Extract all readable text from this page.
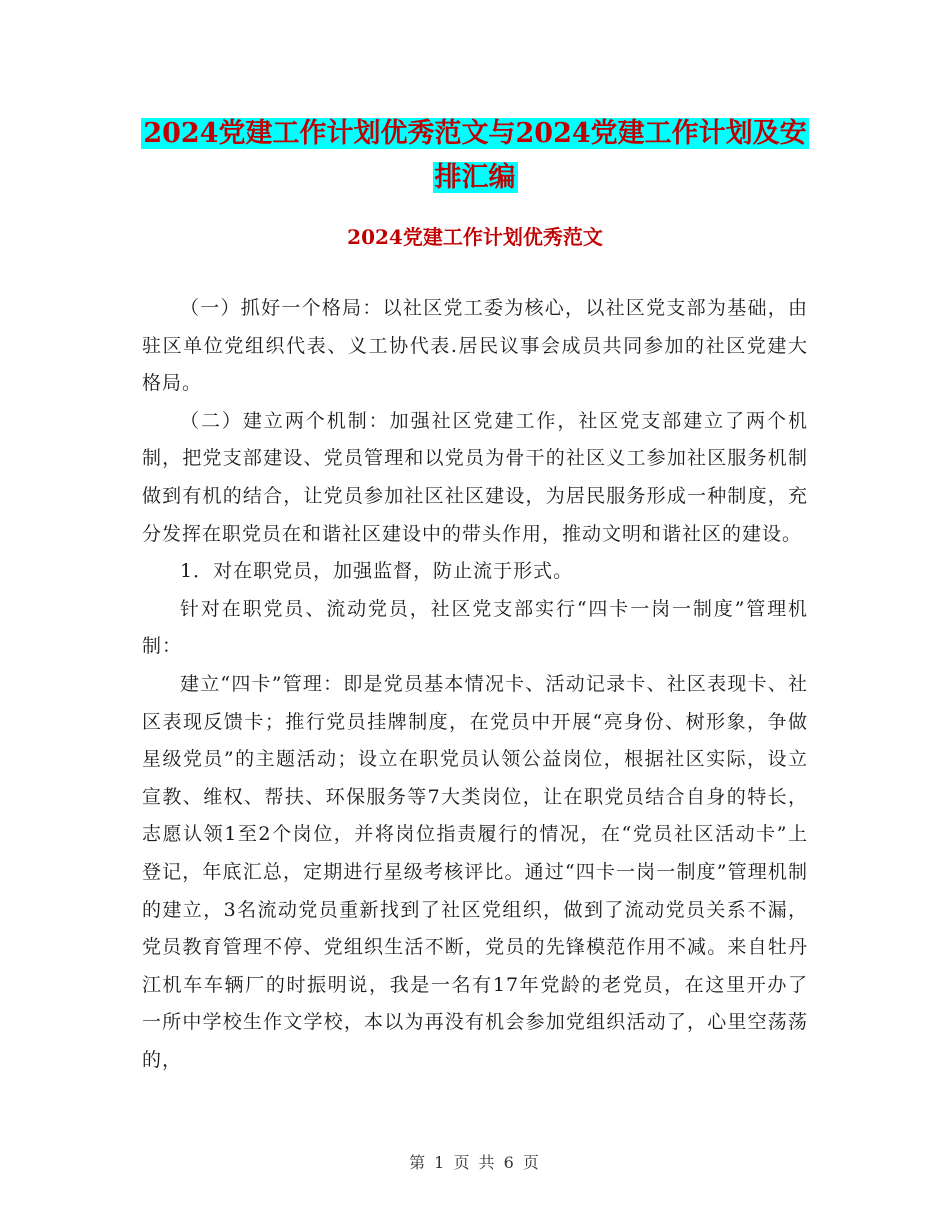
2024党建工作计划优秀范文与2024党建工作计划及安
排汇编
2024党建工作计划优秀范文

（一）抓好一个格局：以社区党工委为核心，以社区党支部为基础，由驻区单位党组织代表、义工协代表.居民议事会成员共同参加的社区党建大格局。

（二）建立两个机制：加强社区党建工作，社区党支部建立了两个机制，把党支部建设、党员管理和以党员为骨干的社区义工参加社区服务机制做到有机的结合，让党员参加社区社区建设，为居民服务形成一种制度，充分发挥在职党员在和谐社区建设中的带头作用，推动文明和谐社区的建设。

1．对在职党员，加强监督，防止流于形式。

针对在职党员、流动党员，社区党支部实行“四卡一岗一制度”管理机制：

建立“四卡”管理：即是党员基本情况卡、活动记录卡、社区表现卡、社区表现反馈卡；推行党员挂牌制度，在党员中开展“亮身份、树形象，争做星级党员”的主题活动；设立在职党员认领公益岗位，根据社区实际，设立宣教、维权、帮扶、环保服务等7大类岗位，让在职党员结合自身的特长，志愿认领1至2个岗位，并将岗位指责履行的情况，在“党员社区活动卡”上登记，年底汇总，定期进行星级考核评比。通过“四卡一岗一制度”管理机制的建立，3名流动党员重新找到了社区党组织，做到了流动党员关系不漏，党员教育管理不停、党组织生活不断，党员的先锋模范作用不减。来自牡丹江机车车辆厂的时振明说，我是一名有17年党龄的老党员，在这里开办了一所中学校生作文学校，本以为再没有机会参加党组织活动了，心里空荡荡的，

第 1 页 共 6 页
